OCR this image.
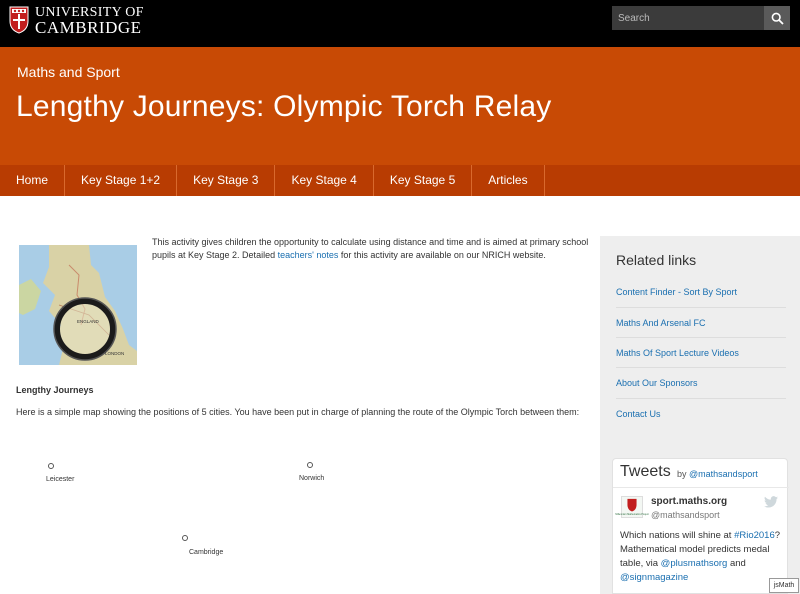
UNIVERSITY OF
CAMBRIDGE
Search
Maths and Sport
Lengthy Journeys: Olympic Torch Relay
Home	Key Stage 1+2	Key Stage 3	Key Stage 4	Key Stage 5	Articles
ENGLAND
LONDON

This activity gives children the opportunity to calculate using distance and time and is aimed at primary school pupils at Key Stage 2. Detailed teachers' notes for this activity are available on our NRICH website.

Lengthy Journeys

Here is a simple map showing the positions of 5 cities. You have been put in charge of planning the route of the Olympic Torch between them:

Leicester	Norwich
Cambridge
Related links
Content Finder - Sort By Sport
Maths And Arsenal FC
Maths Of Sport Lecture Videos
About Our Sponsors
Contact Us
Tweets by @mathsandsport
Millennium Mathematics Project
sport.maths.org
@mathsandsport
Which nations will shine at #Rio2016? Mathematical model predicts medal table, via @plusmathsorg and @signmagazine
jsMath
